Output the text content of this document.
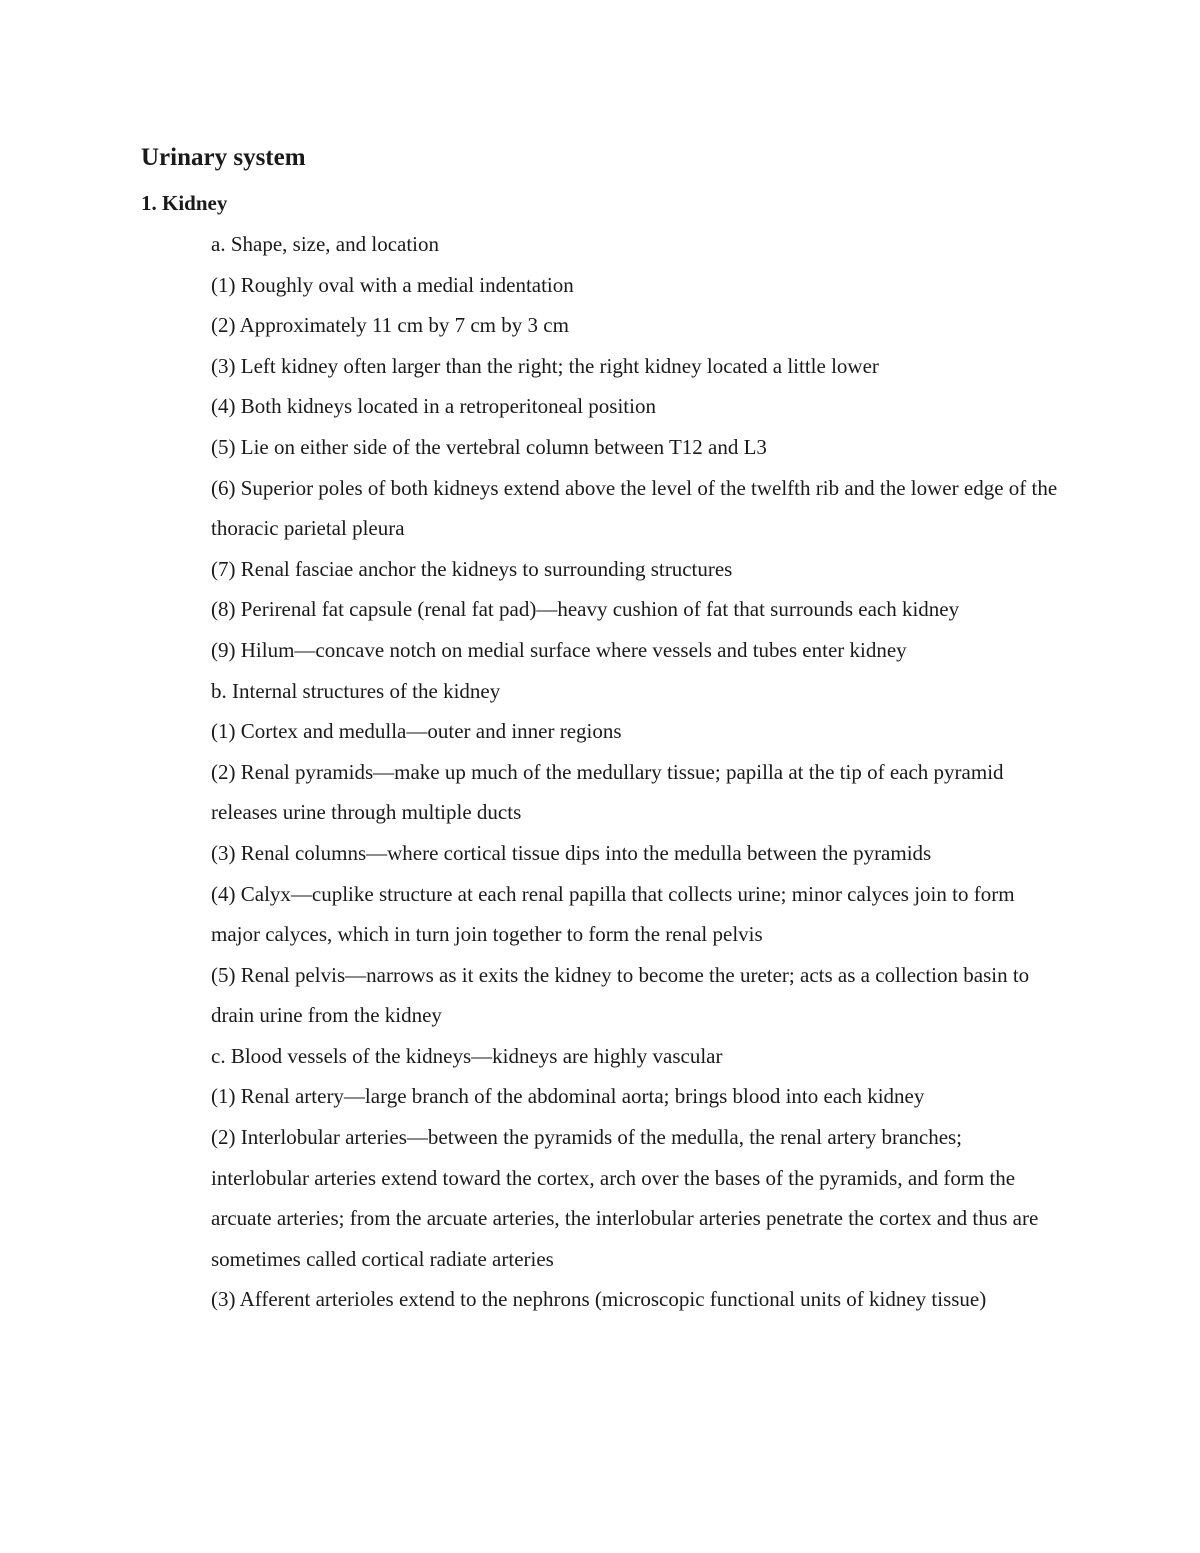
Urinary system
1. Kidney
a. Shape, size, and location
(1) Roughly oval with a medial indentation
(2) Approximately 11 cm by 7 cm by 3 cm
(3) Left kidney often larger than the right; the right kidney located a little lower
(4) Both kidneys located in a retroperitoneal position
(5) Lie on either side of the vertebral column between T12 and L3
(6) Superior poles of both kidneys extend above the level of the twelfth rib and the lower edge of the thoracic parietal pleura
(7) Renal fasciae anchor the kidneys to surrounding structures
(8) Perirenal fat capsule (renal fat pad)—heavy cushion of fat that surrounds each kidney
(9) Hilum—concave notch on medial surface where vessels and tubes enter kidney
b. Internal structures of the kidney
(1) Cortex and medulla—outer and inner regions
(2) Renal pyramids—make up much of the medullary tissue; papilla at the tip of each pyramid releases urine through multiple ducts
(3) Renal columns—where cortical tissue dips into the medulla between the pyramids
(4) Calyx—cuplike structure at each renal papilla that collects urine; minor calyces join to form major calyces, which in turn join together to form the renal pelvis
(5) Renal pelvis—narrows as it exits the kidney to become the ureter; acts as a collection basin to drain urine from the kidney
c. Blood vessels of the kidneys—kidneys are highly vascular
(1) Renal artery—large branch of the abdominal aorta; brings blood into each kidney
(2) Interlobular arteries—between the pyramids of the medulla, the renal artery branches; interlobular arteries extend toward the cortex, arch over the bases of the pyramids, and form the arcuate arteries; from the arcuate arteries, the interlobular arteries penetrate the cortex and thus are sometimes called cortical radiate arteries
(3) Afferent arterioles extend to the nephrons (microscopic functional units of kidney tissue)
